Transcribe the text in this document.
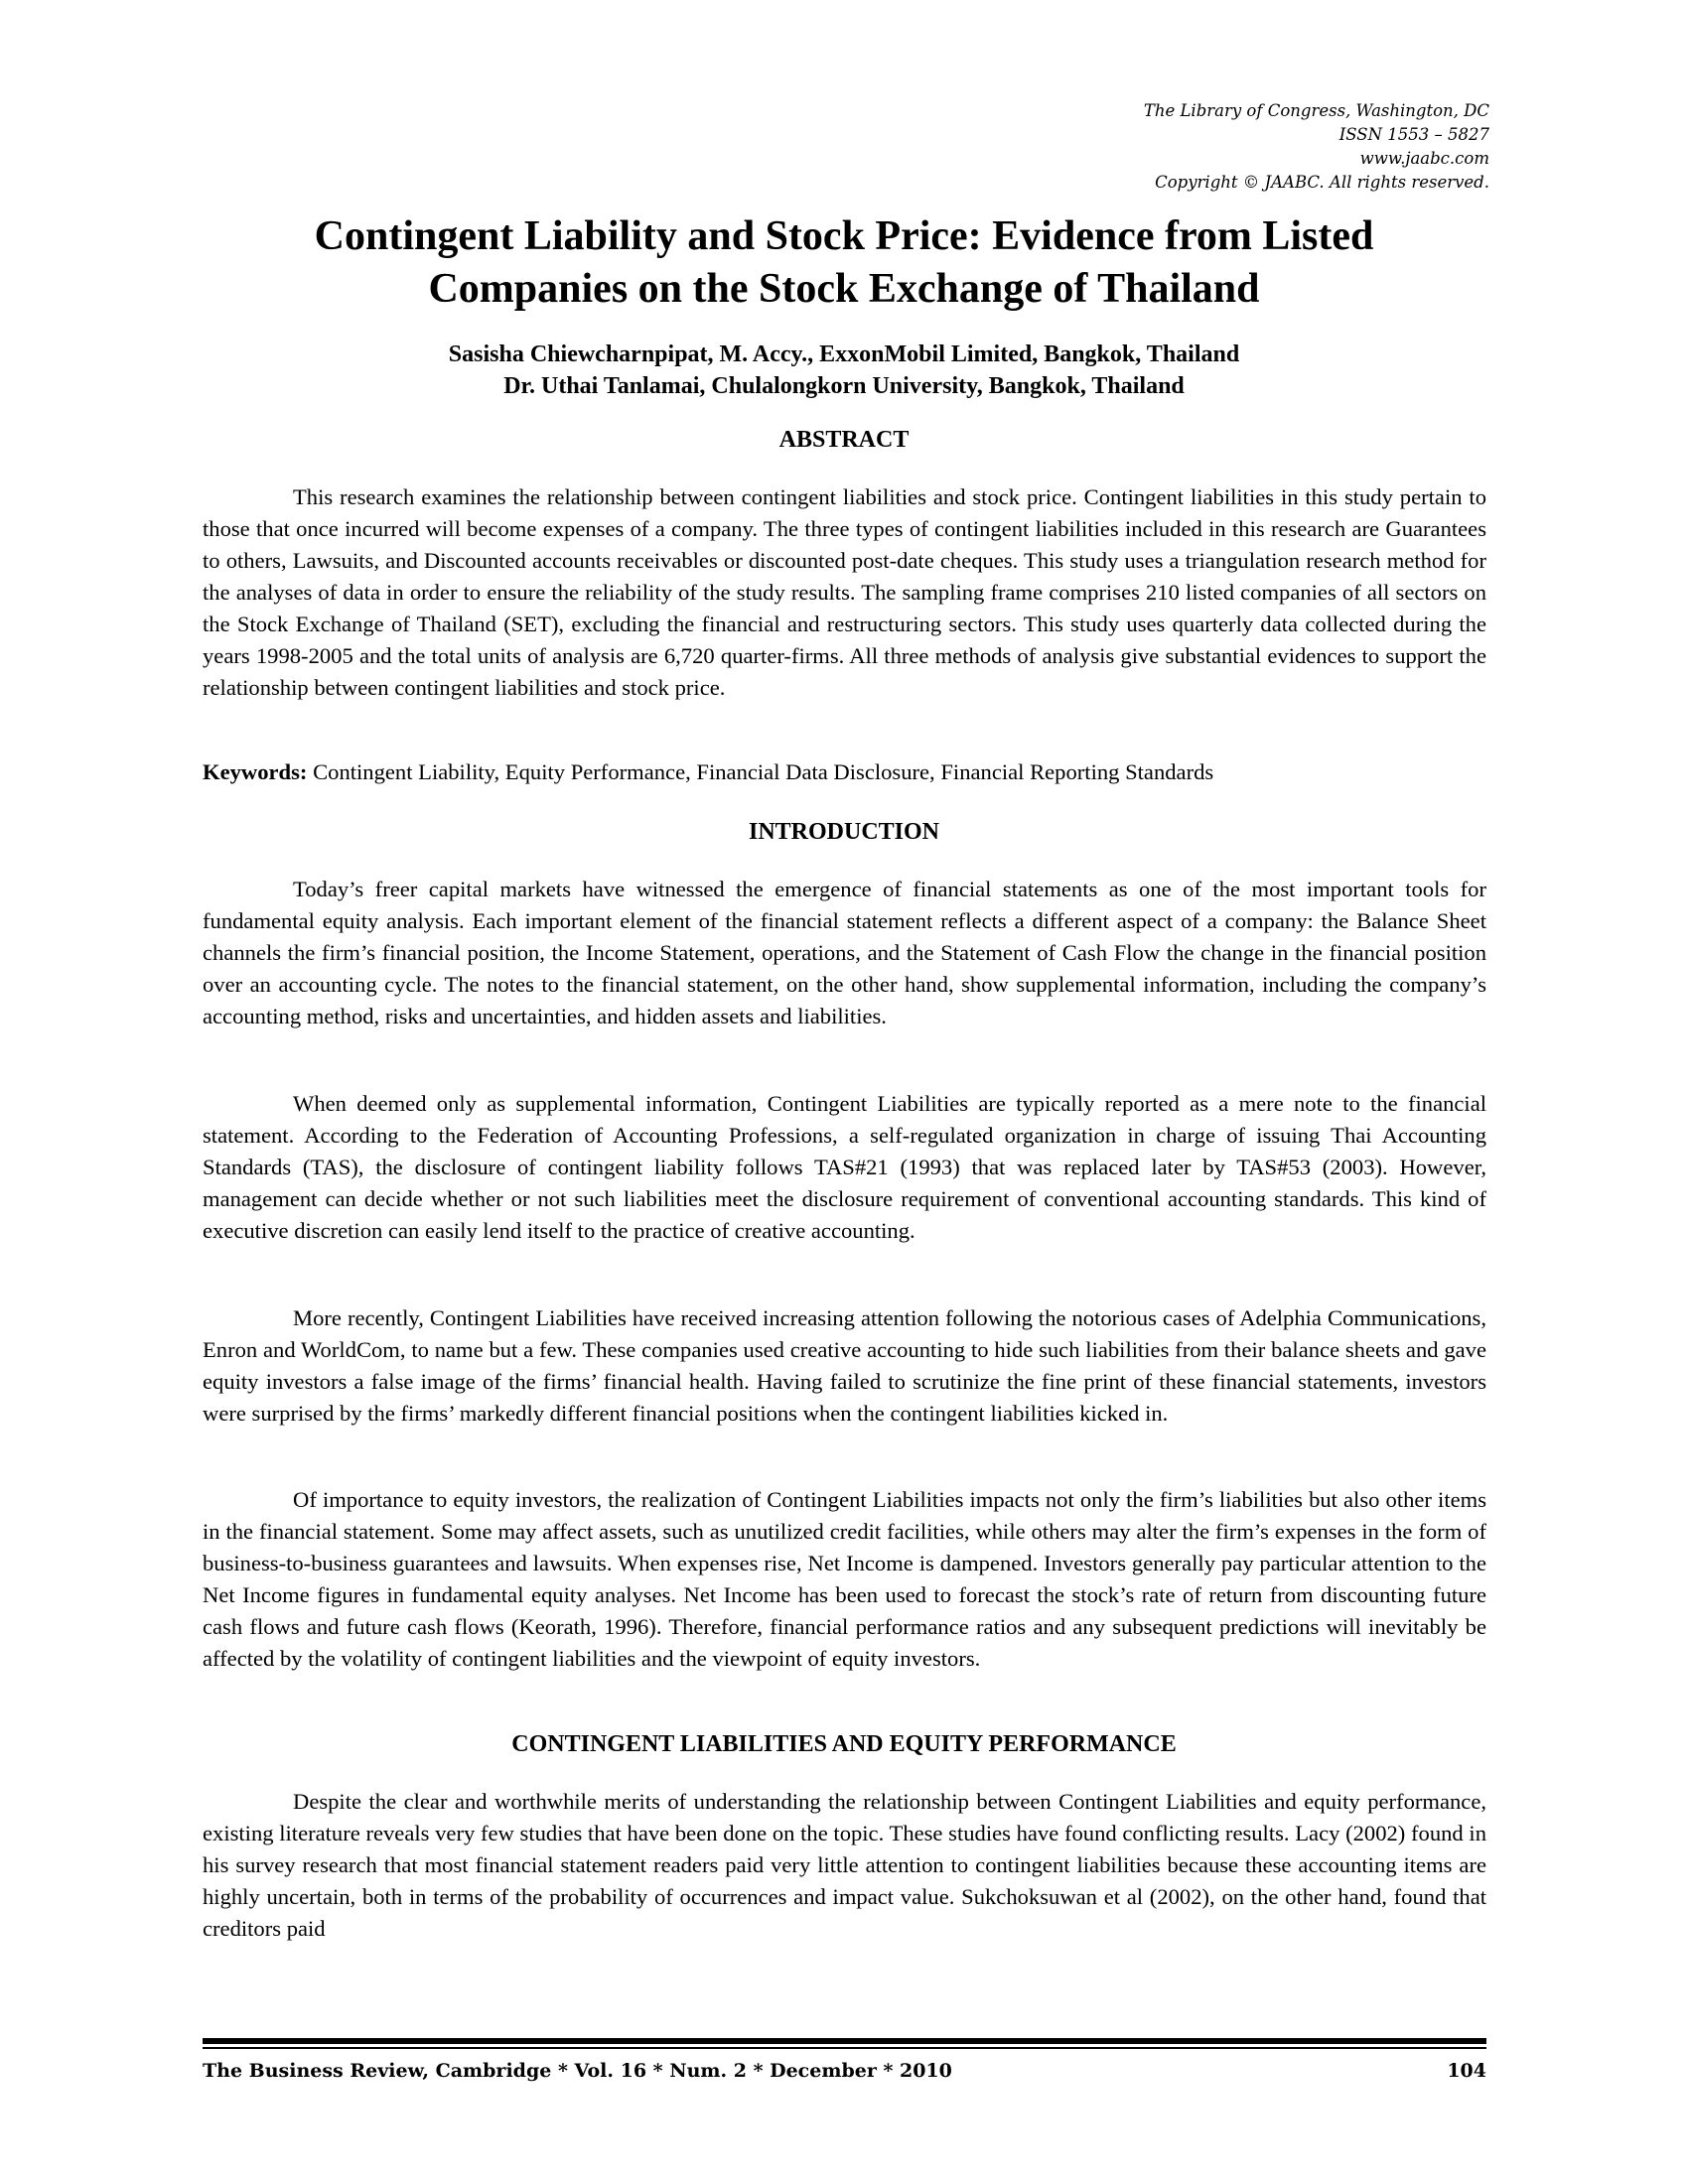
The Library of Congress, Washington, DC
ISSN 1553 – 5827
www.jaabc.com
Copyright © JAABC. All rights reserved.
Contingent Liability and Stock Price: Evidence from Listed
Companies on the Stock Exchange of Thailand
Sasisha Chiewcharnpipat, M. Accy., ExxonMobil Limited, Bangkok, Thailand
Dr. Uthai Tanlamai, Chulalongkorn University, Bangkok, Thailand
ABSTRACT

This research examines the relationship between contingent liabilities and stock price. Contingent liabilities in this study pertain to those that once incurred will become expenses of a company. The three types of contingent liabilities included in this research are Guarantees to others, Lawsuits, and Discounted accounts receivables or discounted post-date cheques. This study uses a triangulation research method for the analyses of data in order to ensure the reliability of the study results. The sampling frame comprises 210 listed companies of all sectors on the Stock Exchange of Thailand (SET), excluding the financial and restructuring sectors. This study uses quarterly data collected during the years 1998-2005 and the total units of analysis are 6,720 quarter-firms. All three methods of analysis give substantial evidences to support the relationship between contingent liabilities and stock price.

Keywords: Contingent Liability, Equity Performance, Financial Data Disclosure, Financial Reporting Standards

INTRODUCTION

Today’s freer capital markets have witnessed the emergence of financial statements as one of the most important tools for fundamental equity analysis. Each important element of the financial statement reflects a different aspect of a company: the Balance Sheet channels the firm’s financial position, the Income Statement, operations, and the Statement of Cash Flow the change in the financial position over an accounting cycle. The notes to the financial statement, on the other hand, show supplemental information, including the company’s accounting method, risks and uncertainties, and hidden assets and liabilities.

When deemed only as supplemental information, Contingent Liabilities are typically reported as a mere note to the financial statement. According to the Federation of Accounting Professions, a self-regulated organization in charge of issuing Thai Accounting Standards (TAS), the disclosure of contingent liability follows TAS#21 (1993) that was replaced later by TAS#53 (2003). However, management can decide whether or not such liabilities meet the disclosure requirement of conventional accounting standards. This kind of executive discretion can easily lend itself to the practice of creative accounting.

More recently, Contingent Liabilities have received increasing attention following the notorious cases of Adelphia Communications, Enron and WorldCom, to name but a few. These companies used creative accounting to hide such liabilities from their balance sheets and gave equity investors a false image of the firms’ financial health. Having failed to scrutinize the fine print of these financial statements, investors were surprised by the firms’ markedly different financial positions when the contingent liabilities kicked in.

Of importance to equity investors, the realization of Contingent Liabilities impacts not only the firm’s liabilities but also other items in the financial statement. Some may affect assets, such as unutilized credit facilities, while others may alter the firm’s expenses in the form of business-to-business guarantees and lawsuits. When expenses rise, Net Income is dampened. Investors generally pay particular attention to the Net Income figures in fundamental equity analyses. Net Income has been used to forecast the stock’s rate of return from discounting future cash flows and future cash flows (Keorath, 1996). Therefore, financial performance ratios and any subsequent predictions will inevitably be affected by the volatility of contingent liabilities and the viewpoint of equity investors.

CONTINGENT LIABILITIES AND EQUITY PERFORMANCE

Despite the clear and worthwhile merits of understanding the relationship between Contingent Liabilities and equity performance, existing literature reveals very few studies that have been done on the topic. These studies have found conflicting results. Lacy (2002) found in his survey research that most financial statement readers paid very little attention to contingent liabilities because these accounting items are highly uncertain, both in terms of the probability of occurrences and impact value. Sukchoksuwan et al (2002), on the other hand, found that creditors paid

The Business Review, Cambridge * Vol. 16 * Num. 2 * December * 2010	104
